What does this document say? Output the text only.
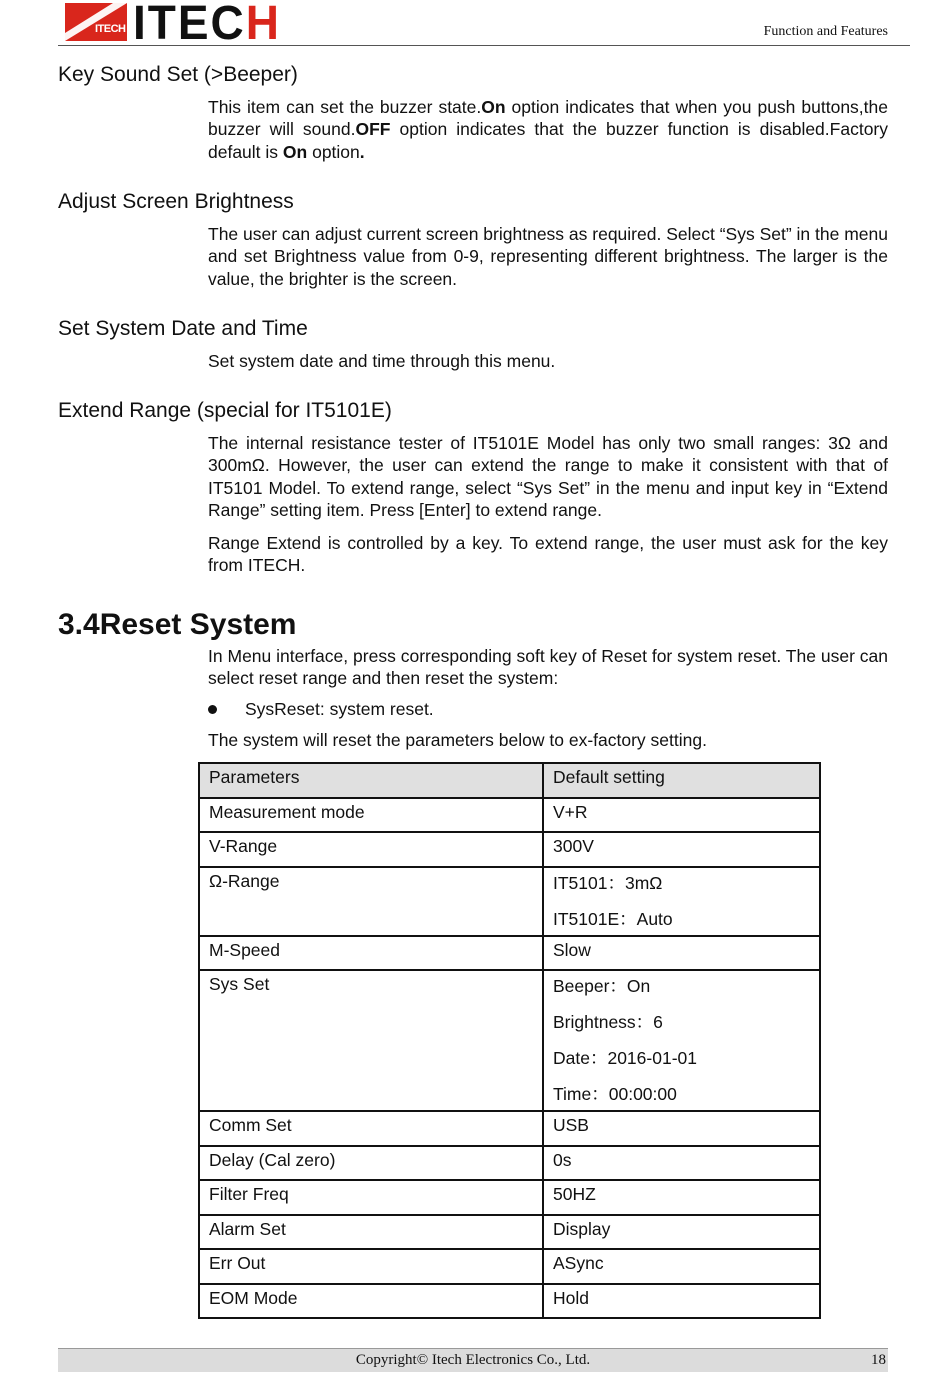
ITECH ITECH	Function and Features
Key Sound Set (>Beeper)
This item can set the buzzer state.On option indicates that when you push buttons,the buzzer will sound.OFF option indicates that the buzzer function is disabled.Factory default is On option.
Adjust Screen Brightness
The user can adjust current screen brightness as required. Select “Sys Set” in the menu and set Brightness value from 0-9, representing different brightness. The larger is the value, the brighter is the screen.
Set System Date and Time
Set system date and time through this menu.
Extend Range (special for IT5101E)
The internal resistance tester of IT5101E Model has only two small ranges: 3Ω and 300mΩ. However, the user can extend the range to make it consistent with that of IT5101 Model. To extend range, select “Sys Set” in the menu and input key in “Extend Range” setting item. Press [Enter] to extend range.
Range Extend is controlled by a key. To extend range, the user must ask for the key from ITECH.
3.4Reset System
In Menu interface, press corresponding soft key of Reset for system reset. The user can select reset range and then reset the system:
SysReset: system reset.
The system will reset the parameters below to ex-factory setting.
Parameters	Default setting
Measurement mode	V+R
V-Range	300V
Ω-Range	IT5101：3mΩ
IT5101E：Auto

M-Speed	Slow
Sys Set	Beeper：On
Brightness：6
Date：2016-01-01
Time：00:00:00

Comm Set	USB
Delay (Cal zero)	0s
Filter Freq	50HZ
Alarm Set	Display
Err Out	ASync
EOM Mode	Hold
Copyright© Itech Electronics Co., Ltd.	18
